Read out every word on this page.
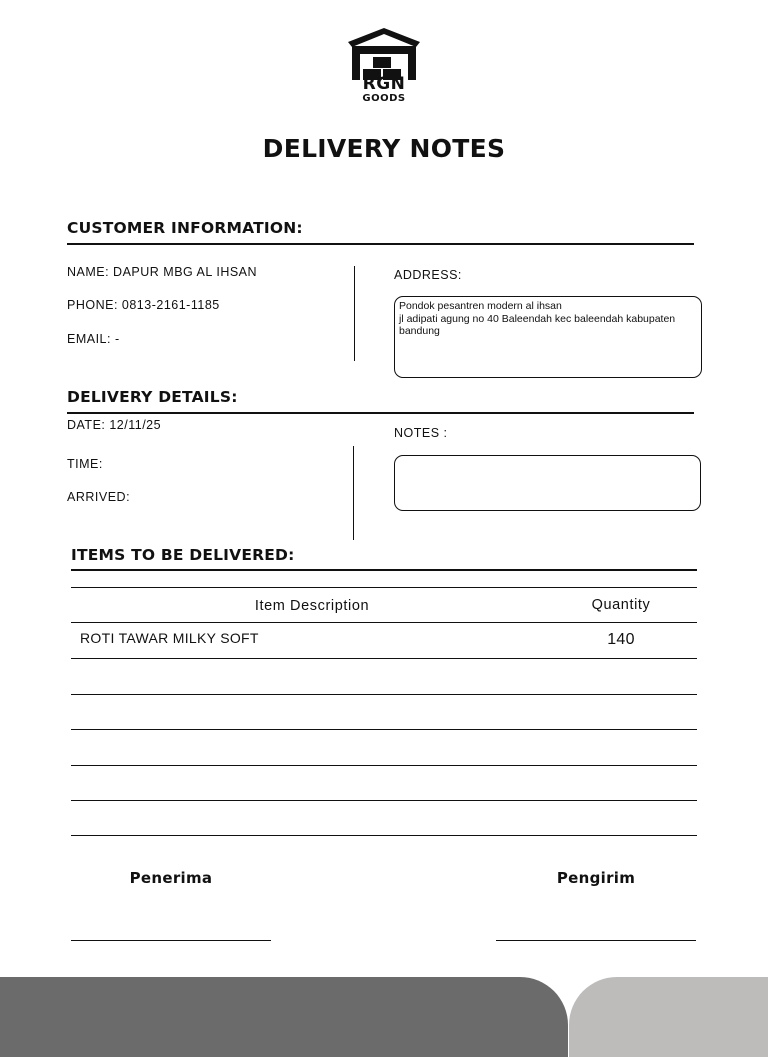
RGN
GOODS
DELIVERY NOTES
CUSTOMER INFORMATION:
NAME: DAPUR MBG AL IHSAN
PHONE: 0813-2161-1185
EMAIL: -
ADDRESS:
Pondok pesantren modern al ihsan
jl adipati agung no 40 Baleendah kec baleendah kabupaten bandung
DELIVERY DETAILS:
DATE: 12/11/25
TIME:
ARRIVED:
NOTES :
ITEMS TO BE DELIVERED:
Item Description	Quantity
ROTI TAWAR MILKY SOFT	140
Penerima	Pengirim
